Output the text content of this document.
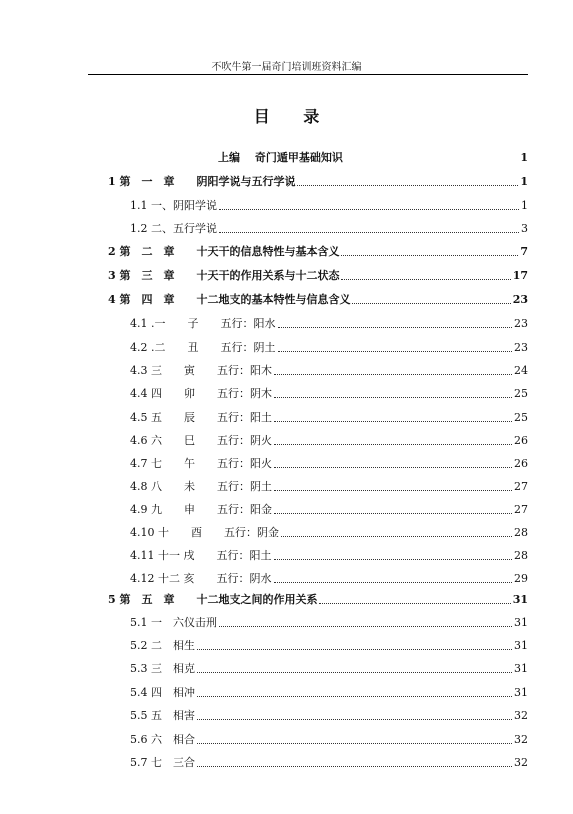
不吹牛第一届奇门培训班资料汇编
目 录
上编　 奇门遁甲基础知识	1
1 第　一　章　　阴阳学说与五行学说	1
1.1 一、阴阳学说	1
1.2 二、五行学说	3
2 第　二　章　　十天干的信息特性与基本含义	7
3 第　三　章　　十天干的作用关系与十二状态	17
4 第　四　章　　十二地支的基本特性与信息含义	23
4.1 .一　　子　　五行：阳水	23
4.2 .二　　丑　　五行：阴土	23
4.3 三　　寅　　五行：阳木	24
4.4 四　　卯　　五行：阴木	25
4.5 五　　辰　　五行：阳土	25
4.6 六　　巳　　五行：阴火	26
4.7 七　　午　　五行：阳火	26
4.8 八　　未　　五行：阴土	27
4.9 九　　申　　五行：阳金	27
4.10 十　　酉　　五行：阴金	28
4.11 十一 戌　　五行：阳土	28
4.12 十二 亥　　五行：阴水	29
5 第　五　章　　十二地支之间的作用关系	31
5.1 一　六仪击刑	31
5.2 二　相生	31
5.3 三　相克	31
5.4 四　相冲	31
5.5 五　相害	32
5.6 六　相合	32
5.7 七　三合	32
